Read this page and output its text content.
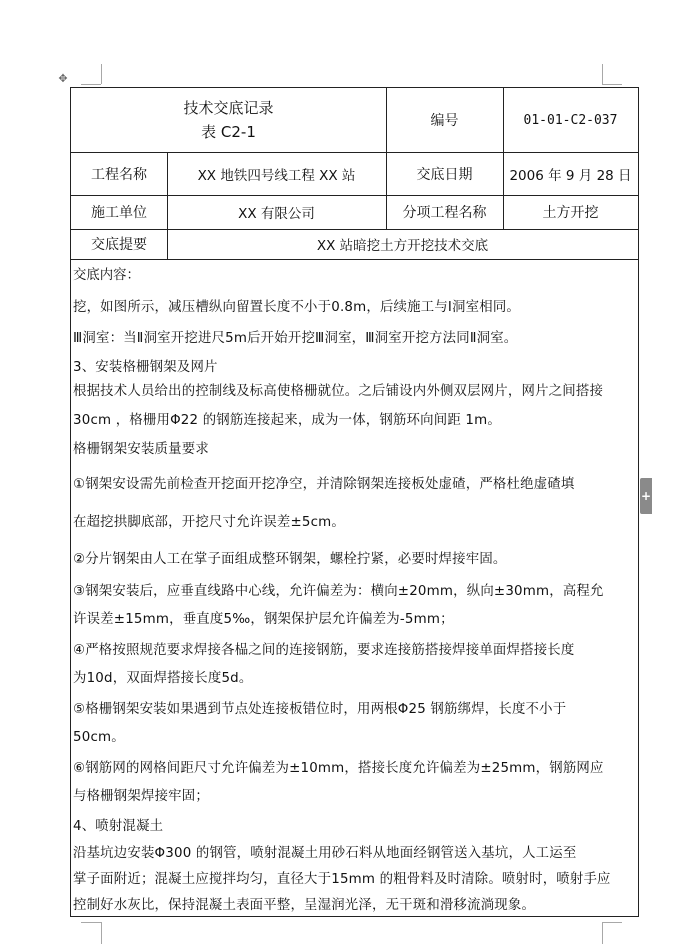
✥
+
技术交底记录
表 C2-1
编号	01-01-C2-037
工程名称	XX 地铁四号线工程 XX 站	交底日期	2006 年 9 月 28 日
施工单位	XX 有限公司	分项工程名称	土方开挖
交底提要	XX 站暗挖土方开挖技术交底
交底内容：
挖，如图所示，减压槽纵向留置长度不小于0.8m，后续施工与I洞室相同。
Ⅲ洞室：当Ⅱ洞室开挖进尺5m后开始开挖Ⅲ洞室，Ⅲ洞室开挖方法同Ⅱ洞室。
3、安装格栅钢架及网片
根据技术人员给出的控制线及标高使格栅就位。之后铺设内外侧双层网片，网片之间搭接
30cm ，格栅用Φ22 的钢筋连接起来，成为一体，钢筋环向间距 1m。
格栅钢架安装质量要求
①钢架安设需先前检查开挖面开挖净空，并清除钢架连接板处虚碴，严格杜绝虚碴填
在超挖拱脚底部，开挖尺寸允许误差±5cm。
②分片钢架由人工在掌子面组成整环钢架，螺栓拧紧，必要时焊接牢固。
③钢架安装后，应垂直线路中心线，允许偏差为：横向±20mm，纵向±30mm，高程允
许误差±15mm，垂直度5‰，钢架保护层允许偏差为-5mm；
④严格按照规范要求焊接各榀之间的连接钢筋，要求连接筋搭接焊接单面焊搭接长度
为10d，双面焊搭接长度5d。
⑤格栅钢架安装如果遇到节点处连接板错位时，用两根Φ25 钢筋绑焊，长度不小于
50cm。
⑥钢筋网的网格间距尺寸允许偏差为±10mm，搭接长度允许偏差为±25mm，钢筋网应
与格栅钢架焊接牢固；
4、喷射混凝土
沿基坑边安装Φ300 的钢管，喷射混凝土用砂石料从地面经钢管送入基坑，人工运至
掌子面附近；混凝土应搅拌均匀，直径大于15mm 的粗骨料及时清除。喷射时，喷射手应
控制好水灰比，保持混凝土表面平整，呈湿润光泽，无干斑和滑移流淌现象。
